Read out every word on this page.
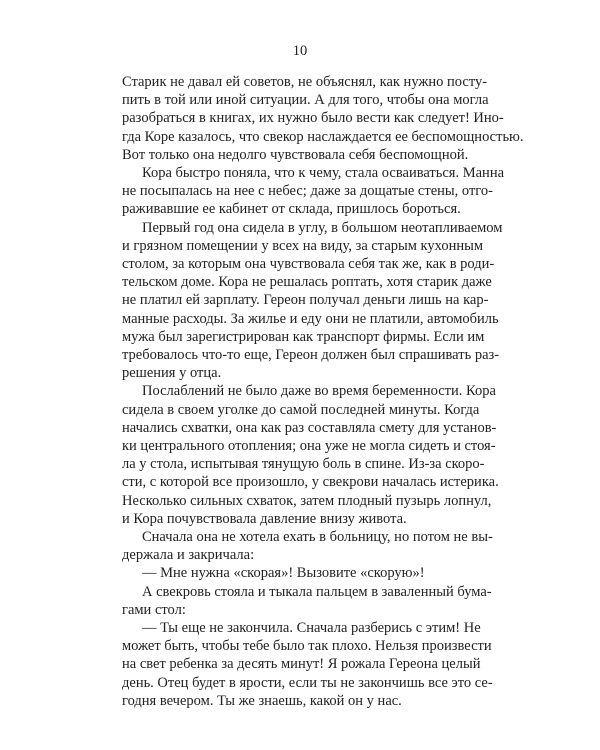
10
Старик не давал ей советов, не объяснял, как нужно посту-
пить в той или иной ситуации. А для того, чтобы она могла
разобраться в книгах, их нужно было вести как следует! Ино-
гда Коре казалось, что свекор наслаждается ее беспомощностью.
Вот только она недолго чувствовала себя беспомощной.
Кора быстро поняла, что к чему, стала осваиваться. Манна
не посыпалась на нее с небес; даже за дощатые стены, отго-
раживавшие ее кабинет от склада, пришлось бороться.
Первый год она сидела в углу, в большом неотапливаемом
и грязном помещении у всех на виду, за старым кухонным
столом, за которым она чувствовала себя так же, как в роди-
тельском доме. Кора не решалась роптать, хотя старик даже
не платил ей зарплату. Гереон получал деньги лишь на кар-
манные расходы. За жилье и еду они не платили, автомобиль
мужа был зарегистрирован как транспорт фирмы. Если им
требовалось что-то еще, Гереон должен был спрашивать раз-
решения у отца.
Послаблений не было даже во время беременности. Кора
сидела в своем уголке до самой последней минуты. Когда
начались схватки, она как раз составляла смету для установ-
ки центрального отопления; она уже не могла сидеть и стоя-
ла у стола, испытывая тянущую боль в спине. Из-за скоро-
сти, с которой все произошло, у свекрови началась истерика.
Несколько сильных схваток, затем плодный пузырь лопнул,
и Кора почувствовала давление внизу живота.
Сначала она не хотела ехать в больницу, но потом не вы-
держала и закричала:
— Мне нужна «скорая»! Вызовите «скорую»!
А свекровь стояла и тыкала пальцем в заваленный бума-
гами стол:
— Ты еще не закончила. Сначала разберись с этим! Не
может быть, чтобы тебе было так плохо. Нельзя произвести
на свет ребенка за десять минут! Я рожала Гереона целый
день. Отец будет в ярости, если ты не закончишь все это се-
годня вечером. Ты же знаешь, какой он у нас.
